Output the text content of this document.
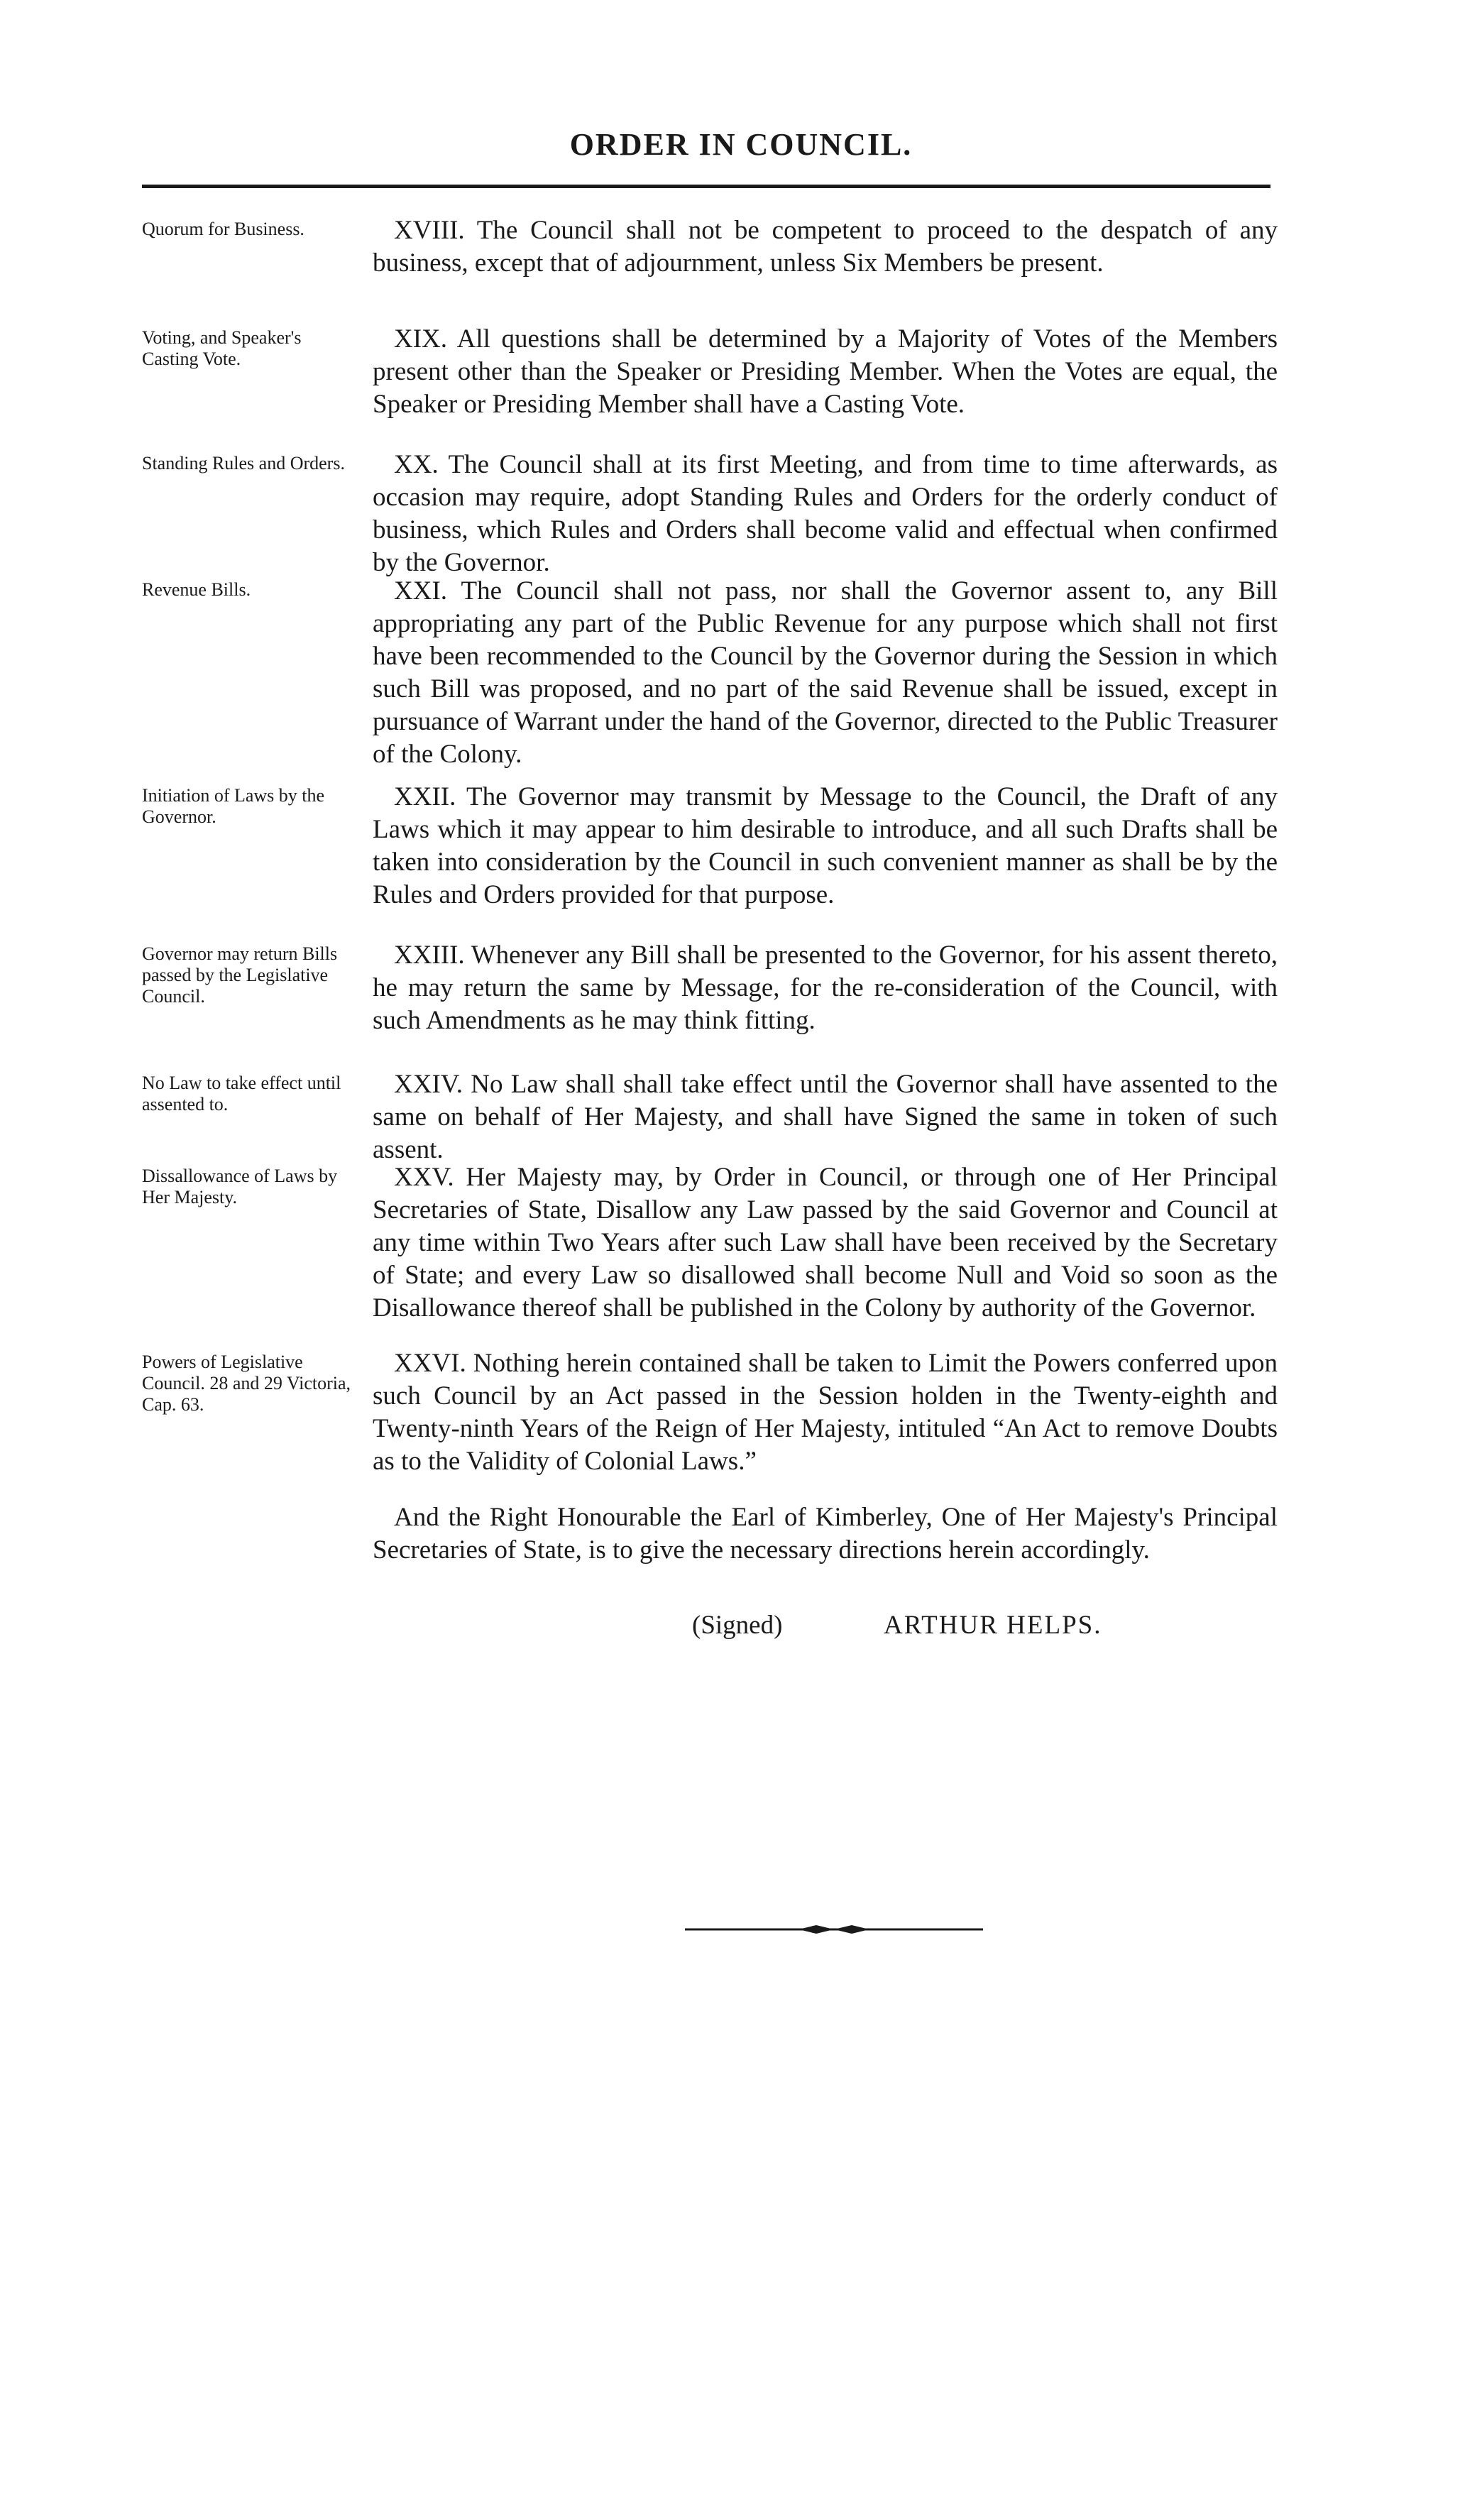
ORDER IN COUNCIL.
Quorum for Business.	XVIII. The Council shall not be competent to proceed to the despatch of any business, except that of adjournment, unless Six Members be present.
Voting, and Speaker's Casting Vote.
XIX. All questions shall be determined by a Majority of Votes of the Members present other than the Speaker or Presiding Member. When the Votes are equal, the Speaker or Presiding Member shall have a Casting Vote.
Standing Rules and Orders.	XX. The Council shall at its first Meeting, and from time to time afterwards, as occasion may require, adopt Standing Rules and Orders for the orderly conduct of business, which Rules and Orders shall become valid and effectual when confirmed by the Governor.
Revenue Bills.	XXI. The Council shall not pass, nor shall the Governor assent to, any Bill appropriating any part of the Public Revenue for any purpose which shall not first have been recommended to the Council by the Governor during the Session in which such Bill was proposed, and no part of the said Revenue shall be issued, except in pursuance of Warrant under the hand of the Governor, directed to the Public Treasurer of the Colony.
Initiation of Laws by the Governor.
XXII. The Governor may transmit by Message to the Council, the Draft of any Laws which it may appear to him desirable to introduce, and all such Drafts shall be taken into consideration by the Council in such convenient manner as shall be by the Rules and Orders provided for that purpose.
Governor may return Bills passed by the Legislative Council.
XXIII. Whenever any Bill shall be presented to the Governor, for his assent thereto, he may return the same by Message, for the re-consideration of the Council, with such Amendments as he may think fitting.
No Law to take effect until assented to.
XXIV. No Law shall shall take effect until the Governor shall have assented to the same on behalf of Her Majesty, and shall have Signed the same in token of such assent.
Dissallowance of Laws by Her Majesty.
XXV. Her Majesty may, by Order in Council, or through one of Her Principal Secretaries of State, Disallow any Law passed by the said Governor and Council at any time within Two Years after such Law shall have been received by the Secretary of State; and every Law so disallowed shall become Null and Void so soon as the Disallowance thereof shall be published in the Colony by authority of the Governor.
Powers of Legislative Council. 28 and 29 Victoria, Cap. 63.
XXVI. Nothing herein contained shall be taken to Limit the Powers conferred upon such Council by an Act passed in the Session holden in the Twenty-eighth and Twenty-ninth Years of the Reign of Her Majesty, intituled “An Act to remove Doubts as to the Validity of Colonial Laws.”
And the Right Honourable the Earl of Kimberley, One of Her Majesty's Principal Secretaries of State, is to give the necessary directions herein accordingly.
(Signed)	ARTHUR HELPS.
